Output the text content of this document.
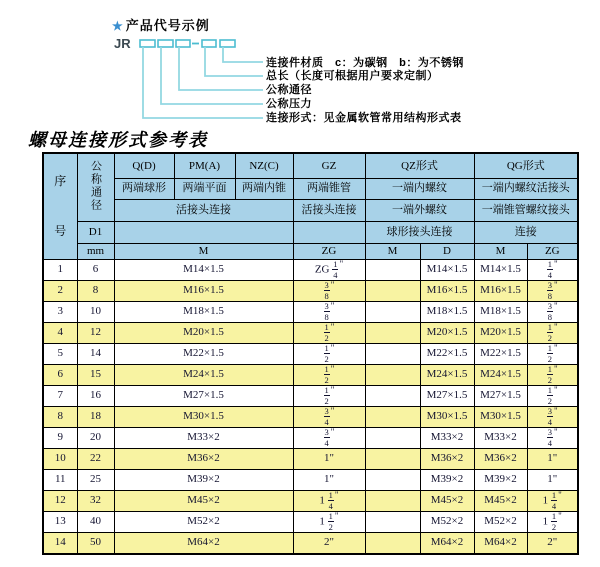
★ 产品代号示例
JR
连接件材质　c：为碳钢　b：为不锈钢
总长（长度可根据用户要求定制）
公称通径
公称压力
连接形式：见金属软管常用结构形式表
螺母连接形式参考表
序
号	公称通径	Q(D)	PM(A)	NZ(C)	GZ	QZ形式		QG形式	
		两端球形	两端平面	两端内锥	两端锥管	一端内螺纹		一端内螺纹活接头	
		活接头连接			活接头连接	一端外螺纹		一端锥管螺纹接头	
	D1					球形接头连接		连接	
	mm	M			ZG	M	D	M	ZG
1	6	M14×1.5			ZG $\frac{1}{4} ^"$		M14×1.5	M14×1.5	$\frac{1}{4} ^"$
2	8	M16×1.5			$\frac{3}{8} ^"$		M16×1.5	M16×1.5	$\frac{3}{8} ^"$
3	10	M18×1.5			$\frac{3}{8} ^"$		M18×1.5	M18×1.5	$\frac{3}{8} ^"$
4	12	M20×1.5			$\frac{1}{2} ^"$		M20×1.5	M20×1.5	$\frac{1}{2} ^"$
5	14	M22×1.5			$\frac{1}{2} ^"$		M22×1.5	M22×1.5	$\frac{1}{2} ^"$
6	15	M24×1.5			$\frac{1}{2} ^"$		M24×1.5	M24×1.5	$\frac{1}{2} ^"$
7	16	M27×1.5			$\frac{1}{2} ^"$		M27×1.5	M27×1.5	$\frac{1}{2} ^"$
8	18	M30×1.5			$\frac{3}{4} ^"$		M30×1.5	M30×1.5	$\frac{3}{4} ^"$
9	20	M33×2			$\frac{3}{4} ^"$		M33×2	M33×2	$\frac{3}{4} ^"$
10	22	M36×2			1"		M36×2	M36×2	1"
11	25	M39×2			1"		M39×2	M39×2	1"
12	32	M45×2			$1 \frac{1}{4} ^"$		M45×2	M45×2	$1 \frac{1}{4} ^"$
13	40	M52×2			$1 \frac{1}{2} ^"$		M52×2	M52×2	$1 \frac{1}{2} ^"$
14	50	M64×2			2"		M64×2	M64×2	2"
